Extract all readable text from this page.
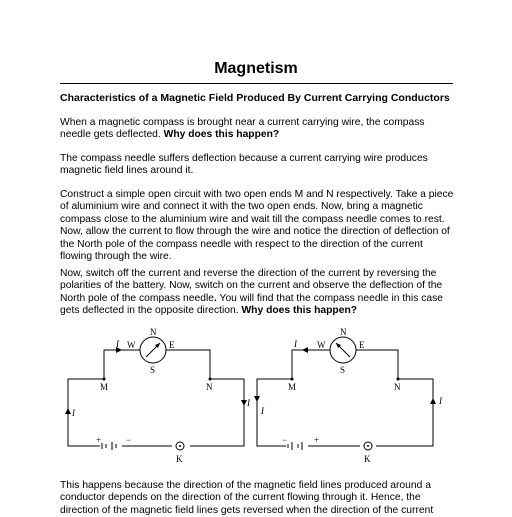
Magnetism
Characteristics of a Magnetic Field Produced By Current Carrying Conductors

When a magnetic compass is brought near a current carrying wire, the compass needle gets deflected. Why does this happen?

The compass needle suffers deflection because a current carrying wire produces magnetic field lines around it.

Construct a simple open circuit with two open ends M and N respectively. Take a piece of aluminium wire and connect it with the two open ends. Now, bring a magnetic compass close to the aluminium wire and wait till the compass needle comes to rest. Now, allow the current to flow through the wire and notice the direction of deflection of the North pole of the compass needle with respect to the direction of the current flowing through the wire.

Now, switch off the current and reverse the direction of the current by reversing the polarities of the battery. Now, switch on the current and observe the deflection of the North pole of the compass needle. You will find that the compass needle in this case gets deflected in the opposite direction. Why does this happen?

N
S
W	E
I
M	N
I
I
+	−
K
N
S
W	E
I
M	N
I
I
−	+
K

This happens because the direction of the magnetic field lines produced around a conductor depends on the direction of the current flowing through it. Hence, the direction of the magnetic field lines gets reversed when the direction of the current
